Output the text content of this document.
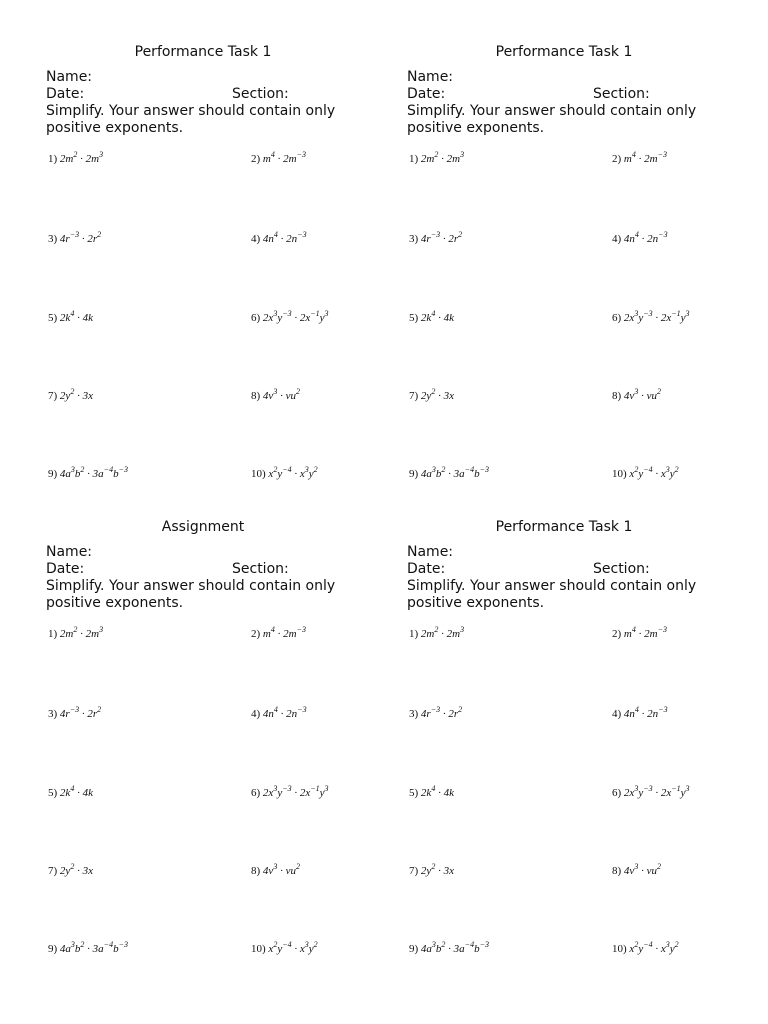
Performance Task 1
Name:
Date:	Section:
Simplify. Your answer should contain only positive exponents.
1) $2m^2 \cdot 2m^3$	2) $m^4 \cdot 2m^{-3}$
3) $4r^{-3} \cdot 2r^2$	4) $4n^4 \cdot 2n^{-3}$
5) $2k^4 \cdot 4k$	6) $2x^3y^{-3} \cdot 2x^{-1}y^3$
7) $2y^2 \cdot 3x$	8) $4v^3 \cdot vu^2$
9) $4a^3b^2 \cdot 3a^{-4}b^{-3}$	10) $x^2y^{-4} \cdot x^3y^2$
Performance Task 1
Name:
Date:	Section:
Simplify. Your answer should contain only positive exponents.
1) $2m^2 \cdot 2m^3$	2) $m^4 \cdot 2m^{-3}$
3) $4r^{-3} \cdot 2r^2$	4) $4n^4 \cdot 2n^{-3}$
5) $2k^4 \cdot 4k$	6) $2x^3y^{-3} \cdot 2x^{-1}y^3$
7) $2y^2 \cdot 3x$	8) $4v^3 \cdot vu^2$
9) $4a^3b^2 \cdot 3a^{-4}b^{-3}$	10) $x^2y^{-4} \cdot x^3y^2$
Assignment
Name:
Date:	Section:
Simplify. Your answer should contain only positive exponents.
1) $2m^2 \cdot 2m^3$	2) $m^4 \cdot 2m^{-3}$
3) $4r^{-3} \cdot 2r^2$	4) $4n^4 \cdot 2n^{-3}$
5) $2k^4 \cdot 4k$	6) $2x^3y^{-3} \cdot 2x^{-1}y^3$
7) $2y^2 \cdot 3x$	8) $4v^3 \cdot vu^2$
9) $4a^3b^2 \cdot 3a^{-4}b^{-3}$	10) $x^2y^{-4} \cdot x^3y^2$
Performance Task 1
Name:
Date:	Section:
Simplify. Your answer should contain only positive exponents.
1) $2m^2 \cdot 2m^3$	2) $m^4 \cdot 2m^{-3}$
3) $4r^{-3} \cdot 2r^2$	4) $4n^4 \cdot 2n^{-3}$
5) $2k^4 \cdot 4k$	6) $2x^3y^{-3} \cdot 2x^{-1}y^3$
7) $2y^2 \cdot 3x$	8) $4v^3 \cdot vu^2$
9) $4a^3b^2 \cdot 3a^{-4}b^{-3}$	10) $x^2y^{-4} \cdot x^3y^2$
